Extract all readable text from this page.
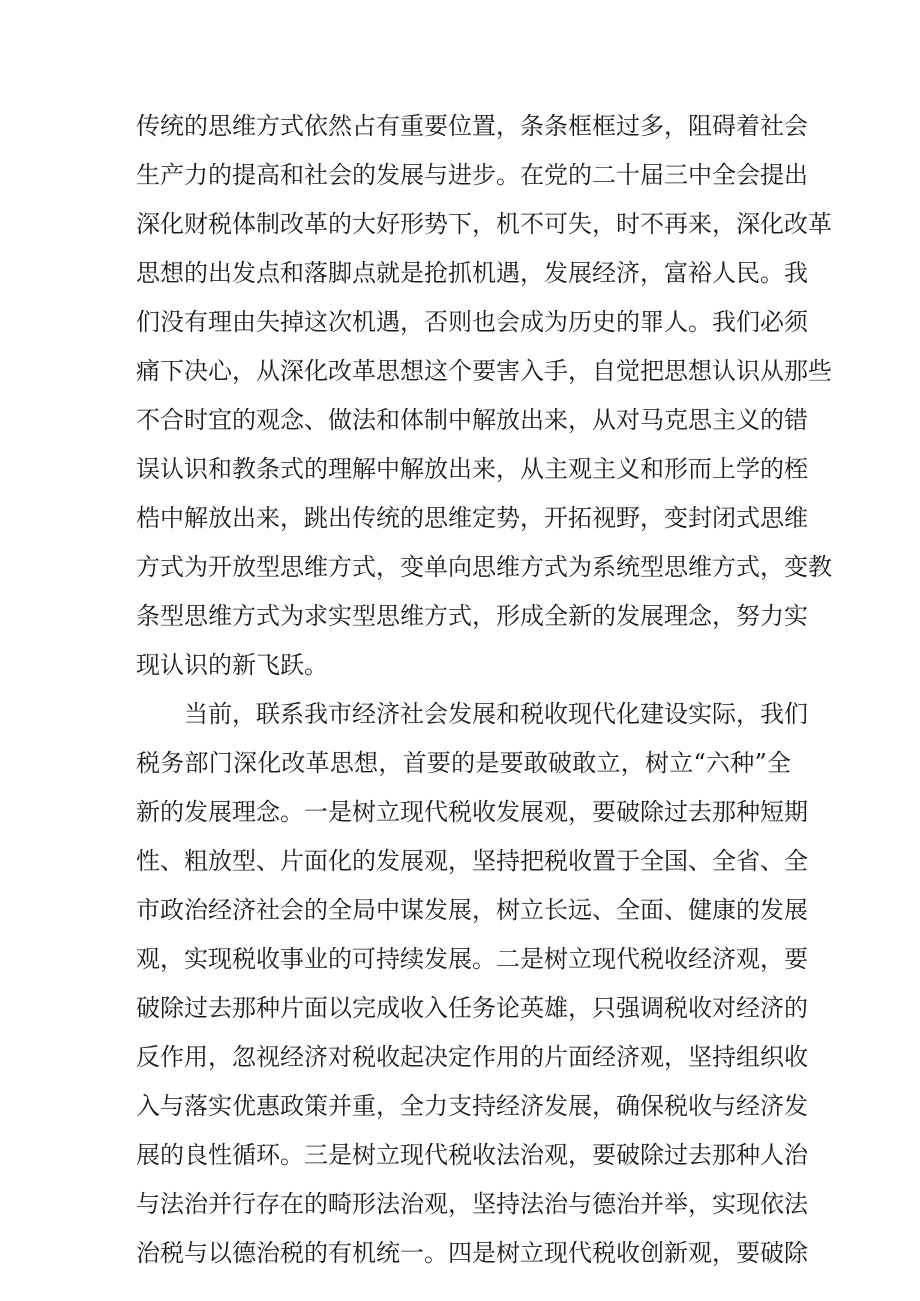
传统的思维方式依然占有重要位置，条条框框过多，阻碍着社会
生产力的提高和社会的发展与进步。在党的二十届三中全会提出
深化财税体制改革的大好形势下，机不可失，时不再来，深化改革
思想的出发点和落脚点就是抢抓机遇，发展经济，富裕人民。我
们没有理由失掉这次机遇，否则也会成为历史的罪人。我们必须
痛下决心，从深化改革思想这个要害入手，自觉把思想认识从那些
不合时宜的观念、做法和体制中解放出来，从对马克思主义的错
误认识和教条式的理解中解放出来，从主观主义和形而上学的桎
梏中解放出来，跳出传统的思维定势，开拓视野，变封闭式思维
方式为开放型思维方式，变单向思维方式为系统型思维方式，变教
条型思维方式为求实型思维方式，形成全新的发展理念，努力实
现认识的新飞跃。
当前，联系我市经济社会发展和税收现代化建设实际，我们
税务部门深化改革思想，首要的是要敢破敢立，树立“六种”全
新的发展理念。一是树立现代税收发展观，要破除过去那种短期
性、粗放型、片面化的发展观，坚持把税收置于全国、全省、全
市政治经济社会的全局中谋发展，树立长远、全面、健康的发展
观，实现税收事业的可持续发展。二是树立现代税收经济观，要
破除过去那种片面以完成收入任务论英雄，只强调税收对经济的
反作用，忽视经济对税收起决定作用的片面经济观，坚持组织收
入与落实优惠政策并重，全力支持经济发展，确保税收与经济发
展的良性循环。三是树立现代税收法治观，要破除过去那种人治
与法治并行存在的畸形法治观，坚持法治与德治并举，实现依法
治税与以德治税的有机统一。四是树立现代税收创新观，要破除
